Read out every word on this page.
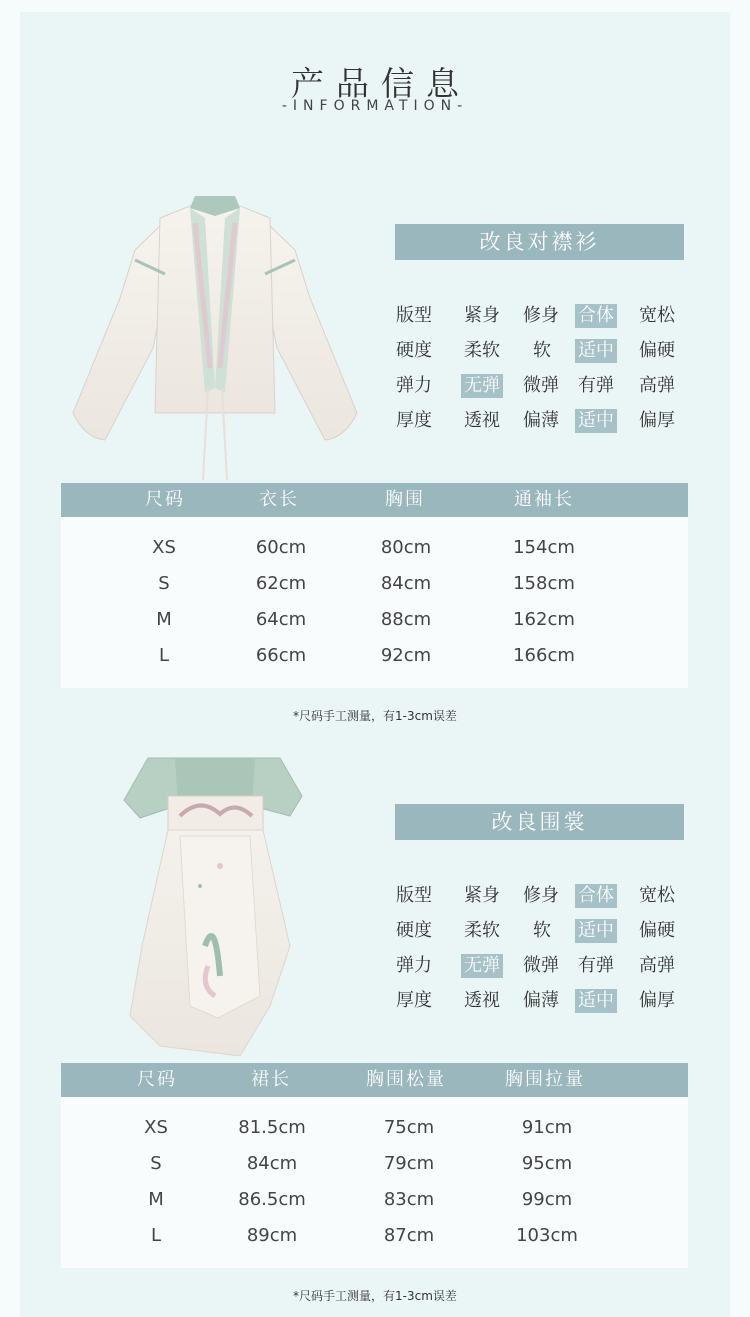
产品信息
-INFORMATION-
改良对襟衫
版型 紧身 修身 合体 宽松
硬度 柔软 软 适中 偏硬
弹力 无弹 微弹 有弹 高弹
厚度 透视 偏薄 适中 偏厚
尺码	衣长	胸围	通袖长
XS	60cm	80cm	154cm
S	62cm	84cm	158cm
M	64cm	88cm	162cm
L	66cm	92cm	166cm
*尺码手工测量，有1-3cm误差
改良围裳
版型 紧身 修身 合体 宽松
硬度 柔软 软 适中 偏硬
弹力 无弹 微弹 有弹 高弹
厚度 透视 偏薄 适中 偏厚
尺码	裙长	胸围松量	胸围拉量
XS	81.5cm	75cm	91cm
S	84cm	79cm	95cm
M	86.5cm	83cm	99cm
L	89cm	87cm	103cm
*尺码手工测量，有1-3cm误差
